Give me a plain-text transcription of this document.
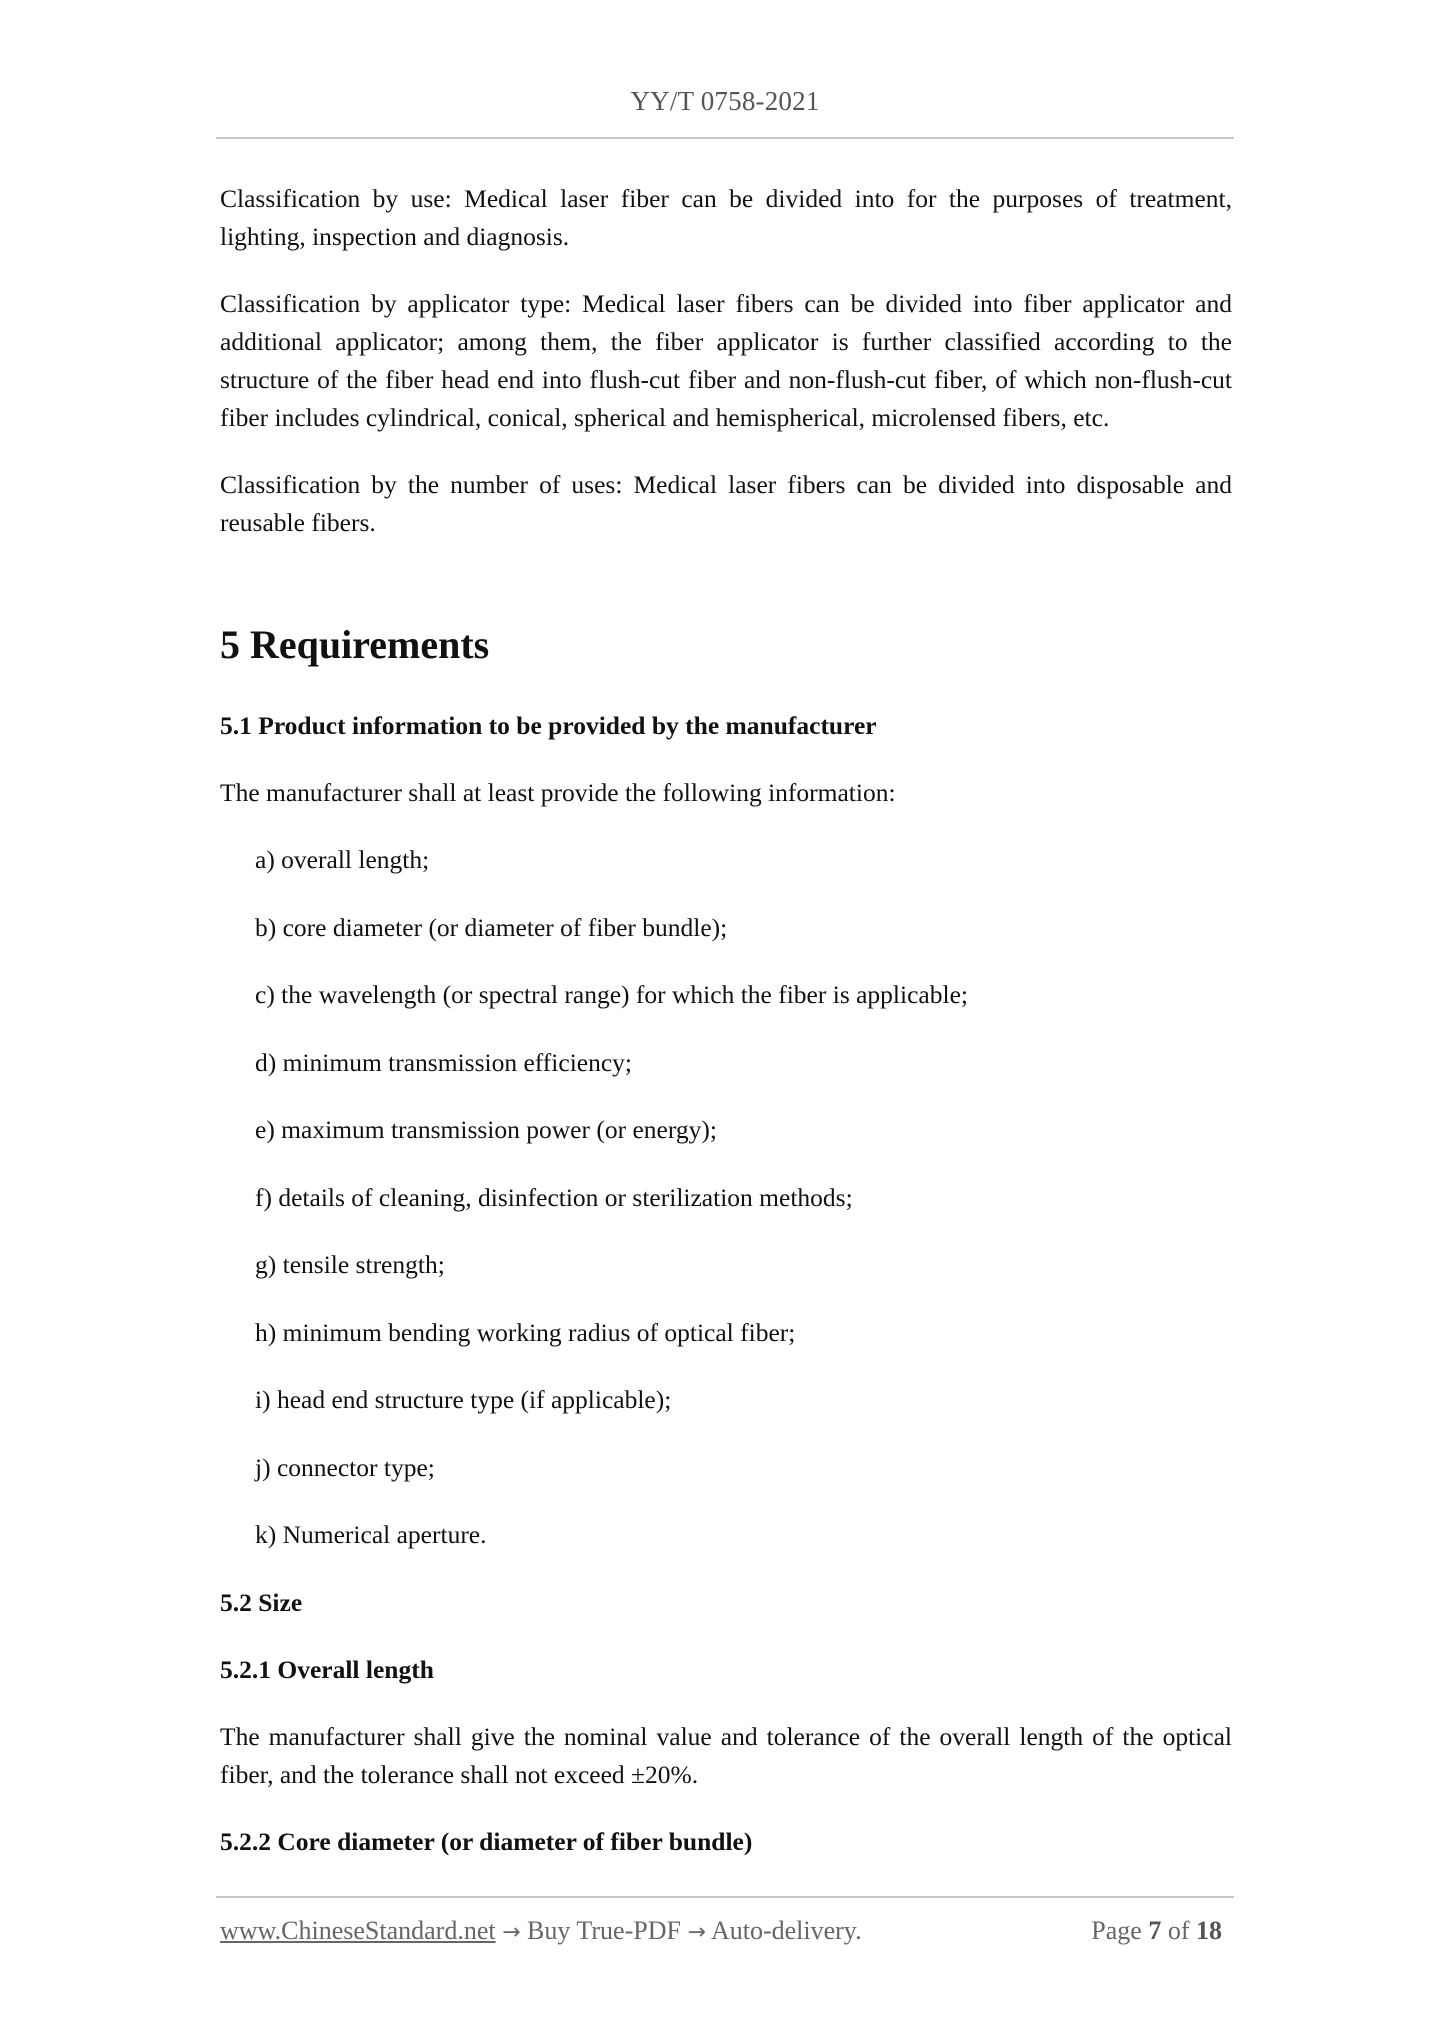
YY/T 0758-2021

Classification by use: Medical laser fiber can be divided into for the purposes of treatment, lighting, inspection and diagnosis.

Classification by applicator type: Medical laser fibers can be divided into fiber applicator and additional applicator; among them, the fiber applicator is further classified according to the structure of the fiber head end into flush-cut fiber and non-flush-cut fiber, of which non-flush-cut fiber includes cylindrical, conical, spherical and hemispherical, microlensed fibers, etc.

Classification by the number of uses: Medical laser fibers can be divided into disposable and reusable fibers.

5 Requirements
5.1 Product information to be provided by the manufacturer

The manufacturer shall at least provide the following information:

a) overall length;
b) core diameter (or diameter of fiber bundle);
c) the wavelength (or spectral range) for which the fiber is applicable;
d) minimum transmission efficiency;
e) maximum transmission power (or energy);
f) details of cleaning, disinfection or sterilization methods;
g) tensile strength;
h) minimum bending working radius of optical fiber;
i) head end structure type (if applicable);
j) connector type;
k) Numerical aperture.
5.2 Size
5.2.1 Overall length

The manufacturer shall give the nominal value and tolerance of the overall length of the optical fiber, and the tolerance shall not exceed ±20%.

5.2.2 Core diameter (or diameter of fiber bundle)
www.ChineseStandard.net → Buy True-PDF → Auto-delivery.	Page 7 of 18
